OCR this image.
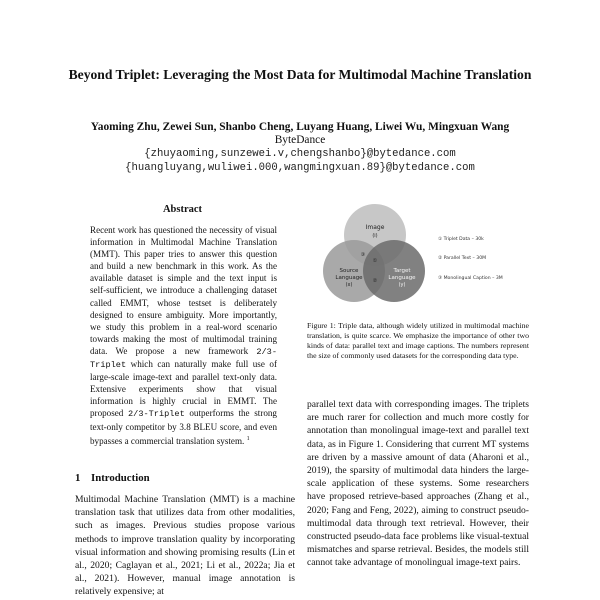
Beyond Triplet: Leveraging the Most Data for Multimodal Machine Translation
Yaoming Zhu, Zewei Sun, Shanbo Cheng, Luyang Huang, Liwei Wu, Mingxuan Wang
ByteDance
{zhuyaoming,sunzewei.v,chengshanbo}@bytedance.com
{huangluyang,wuliwei.000,wangmingxuan.89}@bytedance.com
Abstract
Recent work has questioned the necessity of visual information in Multimodal Machine Translation (MMT). This paper tries to answer this question and build a new benchmark in this work. As the available dataset is simple and the text input is self-sufficient, we introduce a challenging dataset called EMMT, whose testset is deliberately designed to ensure ambiguity. More importantly, we study this problem in a real-word scenario towards making the most of multimodal training data. We propose a new framework 2/3-Triplet which can naturally make full use of large-scale image-text and parallel text-only data. Extensive experiments show that visual information is highly crucial in EMMT. The proposed 2/3-Triplet outperforms the strong text-only competitor by 3.8 BLEU score, and even bypasses a commercial translation system. $^1$
1 Introduction
Multimodal Machine Translation (MMT) is a machine translation task that utilizes data from other modalities, such as images. Previous studies propose various methods to improve translation quality by incorporating visual information and showing promising results (Lin et al., 2020; Caglayan et al., 2021; Li et al., 2022a; Jia et al., 2021). However, manual image annotation is relatively expensive; at
Image
(i)
Source
Language
(x)
Target
Language
(y)
①
②
③
① Triplet Data – 30k
② Parallel Text – 30M
③ Monolingual Caption – 3M
Figure 1: Triple data, although widely utilized in multimodal machine translation, is quite scarce. We emphasize the importance of other two kinds of data: parallel text and image captions. The numbers represent the size of commonly used datasets for the corresponding data type.
parallel text data with corresponding images. The triplets are much rarer for collection and much more costly for annotation than monolingual image-text and parallel text data, as in Figure 1. Considering that current MT systems are driven by a massive amount of data (Aharoni et al., 2019), the sparsity of multimodal data hinders the large-scale application of these systems. Some researchers have proposed retrieve-based approaches (Zhang et al., 2020; Fang and Feng, 2022), aiming to construct pseudo-multimodal data through text retrieval. However, their constructed pseudo-data face problems like visual-textual mismatches and sparse retrieval. Besides, the models still cannot take advantage of monolingual image-text pairs.
